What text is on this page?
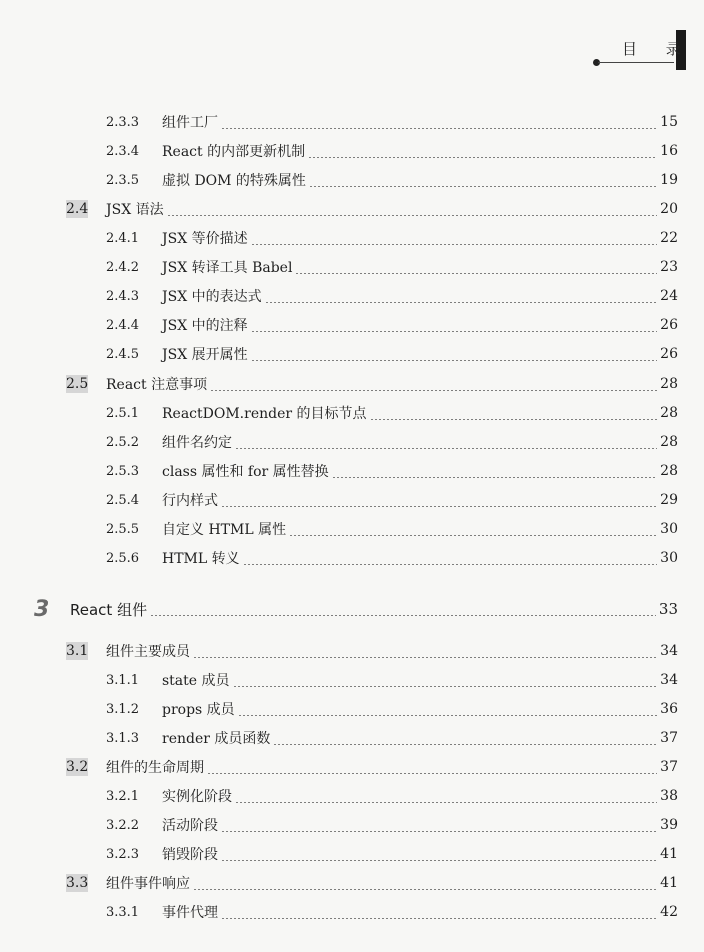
目 录
2.3.3	组件工厂	15
2.3.4	React 的内部更新机制	16
2.3.5	虚拟 DOM 的特殊属性	19
2.4 JSX 语法	20
2.4.1	JSX 等价描述	22
2.4.2	JSX 转译工具 Babel	23
2.4.3	JSX 中的表达式	24
2.4.4	JSX 中的注释	26
2.4.5	JSX 展开属性	26
2.5 React 注意事项	28
2.5.1	ReactDOM.render 的目标节点	28
2.5.2	组件名约定	28
2.5.3	class 属性和 for 属性替换	28
2.5.4	行内样式	29
2.5.5	自定义 HTML 属性	30
2.5.6	HTML 转义	30
3	React 组件	33
3.1 组件主要成员	34
3.1.1	state 成员	34
3.1.2	props 成员	36
3.1.3	render 成员函数	37
3.2 组件的生命周期	37
3.2.1	实例化阶段	38
3.2.2	活动阶段	39
3.2.3	销毁阶段	41
3.3 组件事件响应	41
3.3.1	事件代理	42
